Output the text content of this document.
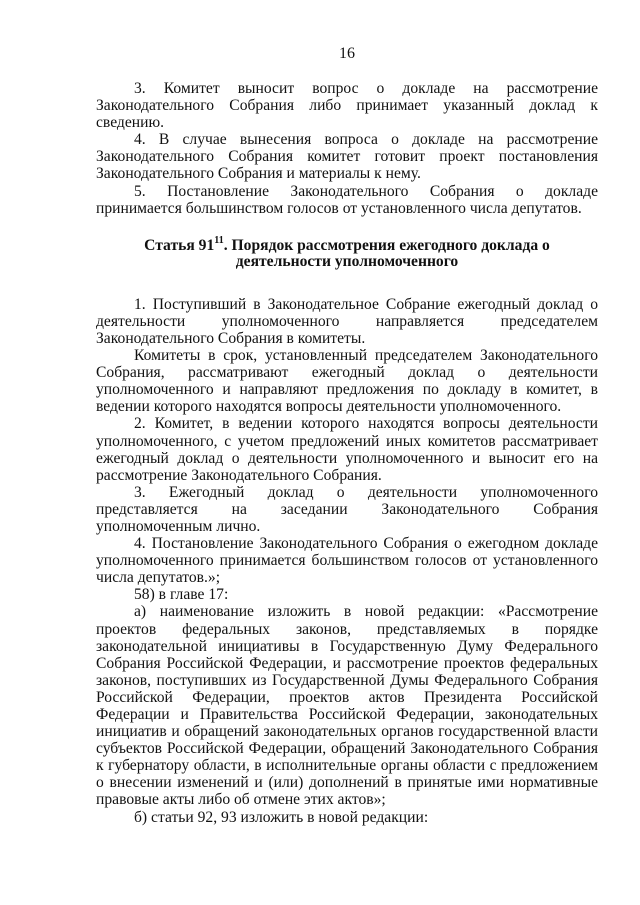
16

3. Комитет выносит вопрос о докладе на рассмотрение Законодательного Собрания либо принимает указанный доклад к сведению.

4. В случае вынесения вопроса о докладе на рассмотрение Законодательного Собрания комитет готовит проект постановления Законодательного Собрания и материалы к нему.

5. Постановление Законодательного Собрания о докладе принимается большинством голосов от установленного числа депутатов.

Статья $91^{11}$. Порядок рассмотрения ежегодного доклада о
деятельности уполномоченного

1. Поступивший в Законодательное Собрание ежегодный доклад о деятельности уполномоченного направляется председателем Законодательного Собрания в комитеты.

Комитеты в срок, установленный председателем Законодательного Собрания, рассматривают ежегодный доклад о деятельности уполномоченного и направляют предложения по докладу в комитет, в ведении которого находятся вопросы деятельности уполномоченного.

2. Комитет, в ведении которого находятся вопросы деятельности уполномоченного, с учетом предложений иных комитетов рассматривает ежегодный доклад о деятельности уполномоченного и выносит его на рассмотрение Законодательного Собрания.

3. Ежегодный доклад о деятельности уполномоченного представляется на заседании Законодательного Собрания уполномоченным лично.

4. Постановление Законодательного Собрания о ежегодном докладе уполномоченного принимается большинством голосов от установленного числа депутатов.»;

58) в главе 17:

а) наименование изложить в новой редакции: «Рассмотрение проектов федеральных законов, представляемых в порядке законодательной инициативы в Государственную Думу Федерального Собрания Российской Федерации, и рассмотрение проектов федеральных законов, поступивших из Государственной Думы Федерального Собрания Российской Федерации, проектов актов Президента Российской Федерации и Правительства Российской Федерации, законодательных инициатив и обращений законодательных органов государственной власти субъектов Российской Федерации, обращений Законодательного Собрания к губернатору области, в исполнительные органы области с предложением о внесении изменений и (или) дополнений в принятые ими нормативные правовые акты либо об отмене этих актов»;

б) статьи 92, 93 изложить в новой редакции:
